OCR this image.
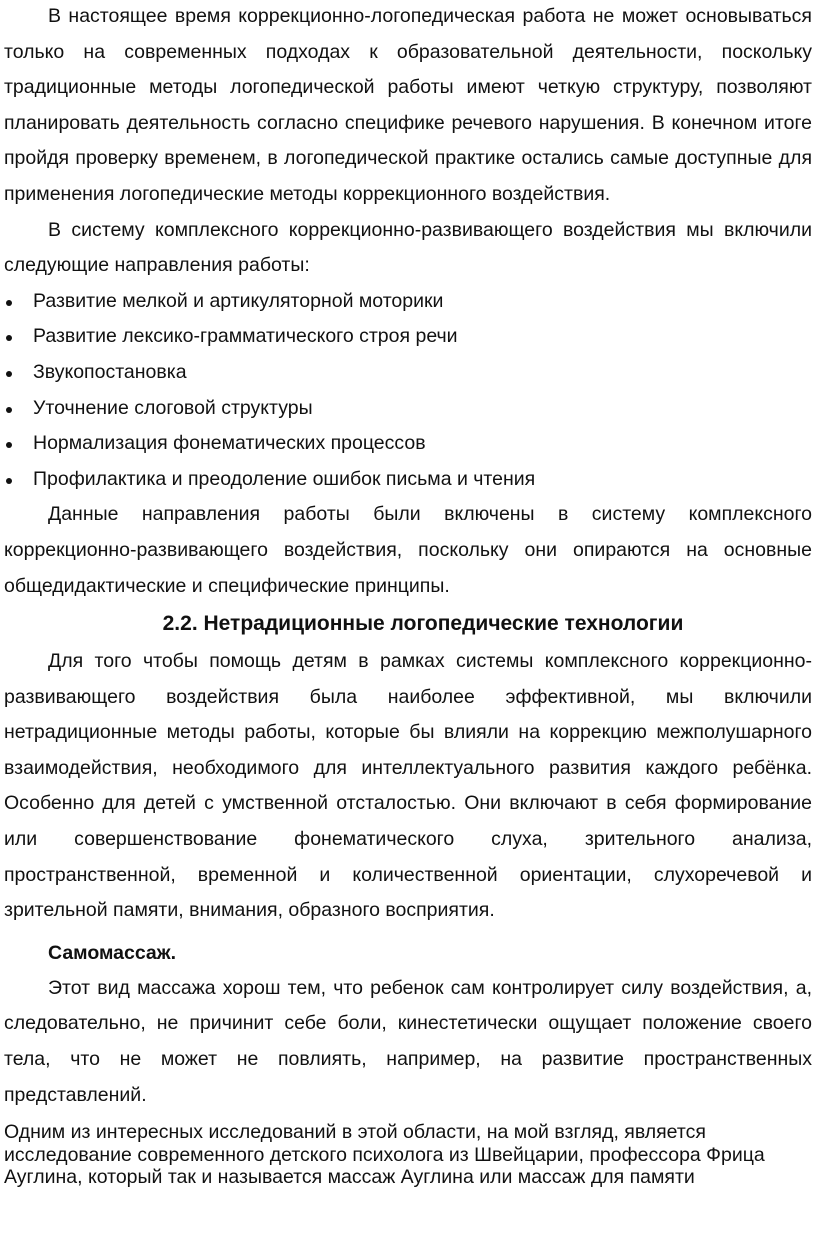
В настоящее время коррекционно-логопедическая работа не может основываться только на современных подходах к образовательной деятельности, поскольку традиционные методы логопедической работы имеют четкую структуру, позволяют планировать деятельность согласно специфике речевого нарушения. В конечном итоге пройдя проверку временем, в логопедической практике остались самые доступные для применения логопедические методы коррекционного воздействия.

В систему комплексного коррекционно-развивающего воздействия мы включили следующие направления работы:

Развитие мелкой и артикуляторной моторики
Развитие лексико-грамматического строя речи
Звукопостановка
Уточнение слоговой структуры
Нормализация фонематических процессов
Профилактика и преодоление ошибок письма и чтения

Данные направления работы были включены в систему комплексного коррекционно-развивающего воздействия, поскольку они опираются на основные общедидактические и специфические принципы.

2.2. Нетрадиционные логопедические технологии

Для того чтобы помощь детям в рамках системы комплексного коррекционно-развивающего воздействия была наиболее эффективной, мы включили нетрадиционные методы работы, которые бы влияли на коррекцию межполушарного взаимодействия, необходимого для интеллектуального развития каждого ребёнка. Особенно для детей с умственной отсталостью. Они включают в себя формирование или совершенствование фонематического слуха, зрительного анализа, пространственной, временной и количественной ориентации, слухоречевой и зрительной памяти, внимания, образного восприятия.

Самомассаж.

Этот вид массажа хорош тем, что ребенок сам контролирует силу воздействия, а, следовательно, не причинит себе боли, кинестетически ощущает положение своего тела, что не может не повлиять, например, на развитие пространственных представлений.

Одним из интересных исследований в этой области, на мой взгляд, является исследование современного детского психолога из Швейцарии, профессора Фрица Ауглина, который так и называется массаж Ауглина или массаж для памяти
